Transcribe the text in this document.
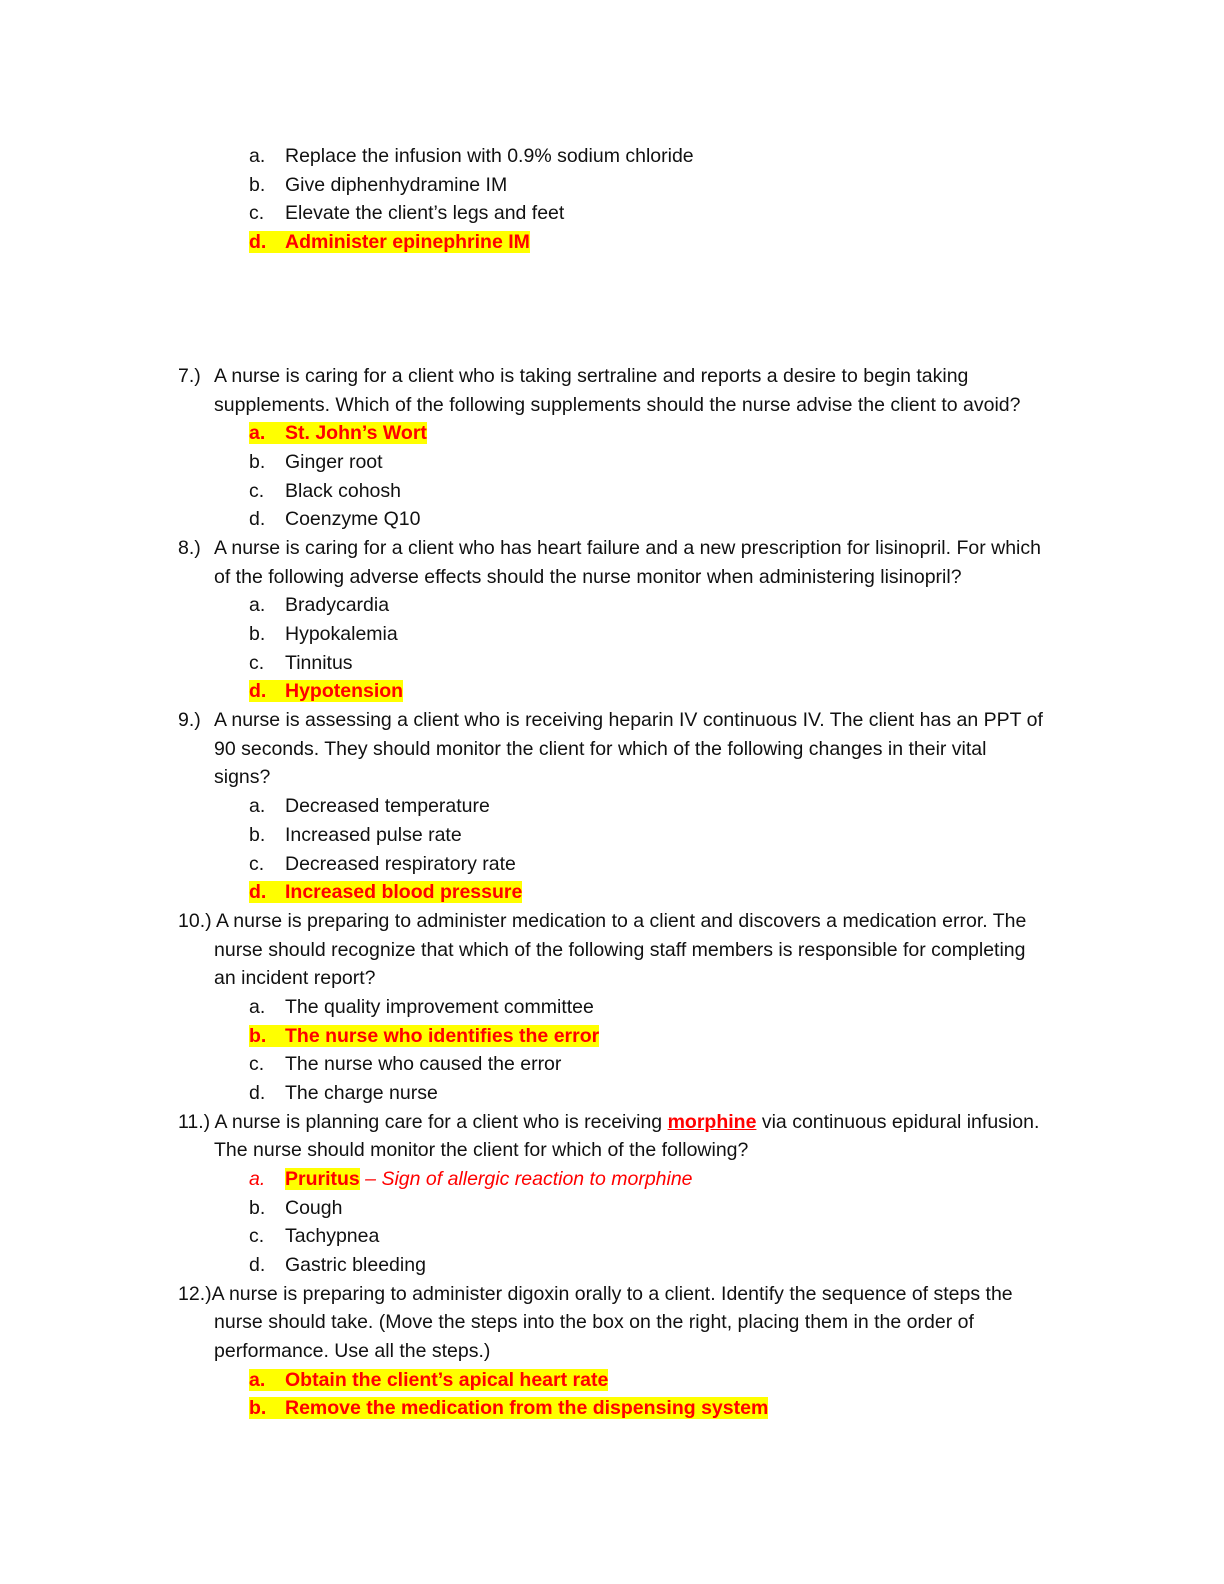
a. Replace the infusion with 0.9% sodium chloride
b. Give diphenhydramine IM
c. Elevate the client’s legs and feet
d. Administer epinephrine IM
7.) A nurse is caring for a client who is taking sertraline and reports a desire to begin taking
supplements. Which of the following supplements should the nurse advise the client to avoid?
a. St. John’s Wort
b. Ginger root
c. Black cohosh
d. Coenzyme Q10
8.) A nurse is caring for a client who has heart failure and a new prescription for lisinopril. For which
of the following adverse effects should the nurse monitor when administering lisinopril?
a. Bradycardia
b. Hypokalemia
c. Tinnitus
d. Hypotension
9.) A nurse is assessing a client who is receiving heparin IV continuous IV. The client has an PPT of
90 seconds. They should monitor the client for which of the following changes in their vital
signs?
a. Decreased temperature
b. Increased pulse rate
c. Decreased respiratory rate
d. Increased blood pressure
10.) A nurse is preparing to administer medication to a client and discovers a medication error. The
nurse should recognize that which of the following staff members is responsible for completing
an incident report?
a. The quality improvement committee
b. The nurse who identifies the error
c. The nurse who caused the error
d. The charge nurse
11.) A nurse is planning care for a client who is receiving morphine via continuous epidural infusion.
The nurse should monitor the client for which of the following?
a. Pruritus – Sign of allergic reaction to morphine
b. Cough
c. Tachypnea
d. Gastric bleeding
12.)A nurse is preparing to administer digoxin orally to a client. Identify the sequence of steps the
nurse should take. (Move the steps into the box on the right, placing them in the order of
performance. Use all the steps.)
a. Obtain the client’s apical heart rate
b. Remove the medication from the dispensing system
